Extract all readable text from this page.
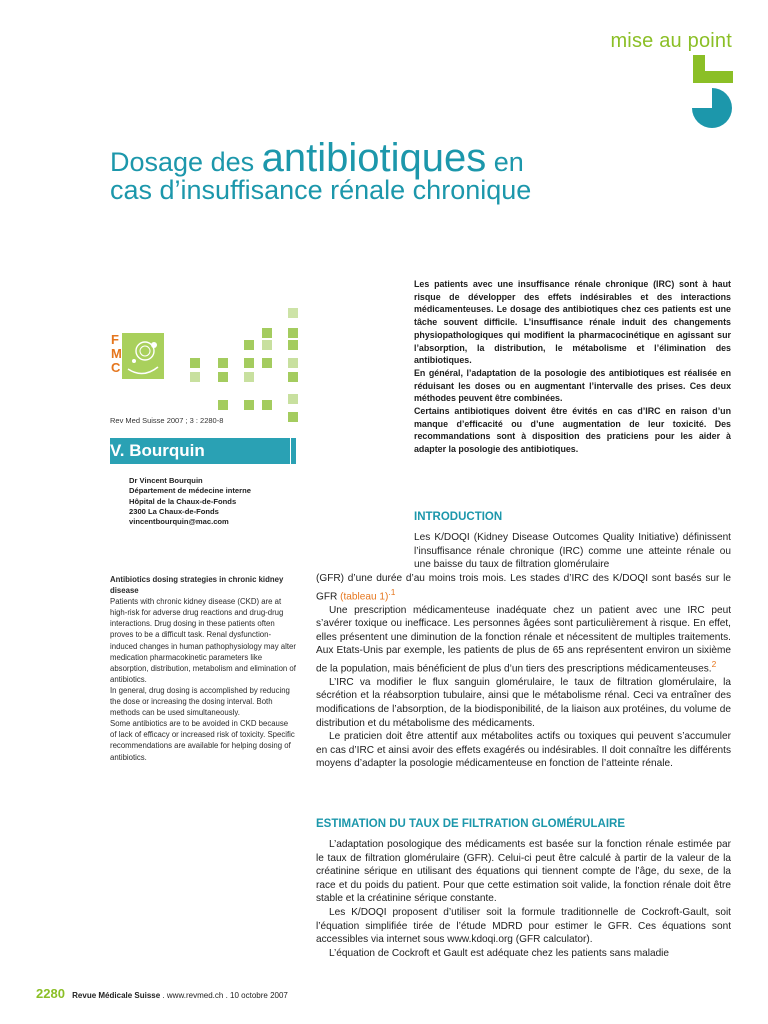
mise au point
Dosage des antibiotiques en
cas d’insuffisance rénale chronique
F
M
C
Rev Med Suisse 2007 ; 3 : 2280-8
V. Bourquin
Dr Vincent Bourquin
Département de médecine interne
Hôpital de la Chaux-de-Fonds
2300 La Chaux-de-Fonds
vincentbourquin@mac.com

Antibiotics dosing strategies in chronic kidney disease

Patients with chronic kidney disease (CKD) are at high-risk for adverse drug reactions and drug-drug interactions. Drug dosing in these patients often proves to be a difficult task. Renal dysfunction-induced changes in human pathophysiology may alter medication pharmacokinetic parameters like absorption, distribution, metabolism and elimination of antibiotics.

In general, drug dosing is accomplished by reducing the dose or increasing the dosing interval. Both methods can be used simultaneously.

Some antibiotics are to be avoided in CKD because of lack of efficacy or increased risk of toxicity. Specific recommendations are available for helping dosing of antibiotics.

Les patients avec une insuffisance rénale chronique (IRC) sont à haut risque de développer des effets indésirables et des interactions médicamenteuses. Le dosage des antibiotiques chez ces patients est une tâche souvent difficile. L’insuffisance rénale induit des changements physiopathologiques qui modifient la pharmacocinétique en agissant sur l’absorption, la distribution, le métabolisme et l’élimination des antibiotiques.

En général, l’adaptation de la posologie des antibiotiques est réalisée en réduisant les doses ou en augmentant l’intervalle des prises. Ces deux méthodes peuvent être combinées.

Certains antibiotiques doivent être évités en cas d’IRC en raison d’un manque d’efficacité ou d’une augmentation de leur toxicité. Des recommandations sont à disposition des praticiens pour les aider à adapter la posologie des antibiotiques.

INTRODUCTION
Les K/DOQI (Kidney Disease Outcomes Quality Initiative) définissent l’insuffisance rénale chronique (IRC) comme une atteinte rénale ou une baisse du taux de filtration glomérulaire

(GFR) d’une durée d’au moins trois mois. Les stades d’IRC des K/DOQI sont basés sur le GFR (tableau 1)$^{.1}$

Une prescription médicamenteuse inadéquate chez un patient avec une IRC peut s’avérer toxique ou inefficace. Les personnes âgées sont particulièrement à risque. En effet, elles présentent une diminution de la fonction rénale et nécessitent de multiples traitements. Aux Etats-Unis par exemple, les patients de plus de 65 ans représentent environ un sixième de la population, mais bénéficient de plus d’un tiers des prescriptions médicamenteuses.$^2$

L’IRC va modifier le flux sanguin glomérulaire, le taux de filtration glomérulaire, la sécrétion et la réabsorption tubulaire, ainsi que le métabolisme rénal. Ceci va entraîner des modifications de l’absorption, de la biodisponibilité, de la liaison aux protéines, du volume de distribution et du métabolisme des médicaments.

Le praticien doit être attentif aux métabolites actifs ou toxiques qui peuvent s’accumuler en cas d’IRC et ainsi avoir des effets exagérés ou indésirables. Il doit connaître les différents moyens d’adapter la posologie médicamenteuse en fonction de l’atteinte rénale.

ESTIMATION DU TAUX DE FILTRATION GLOMÉRULAIRE

L’adaptation posologique des médicaments est basée sur la fonction rénale estimée par le taux de filtration glomérulaire (GFR). Celui-ci peut être calculé à partir de la valeur de la créatinine sérique en utilisant des équations qui tiennent compte de l’âge, du sexe, de la race et du poids du patient. Pour que cette estimation soit valide, la fonction rénale doit être stable et la créatinine sérique constante.

Les K/DOQI proposent d’utiliser soit la formule traditionnelle de Cockroft-Gault, soit l’équation simplifiée tirée de l’étude MDRD pour estimer le GFR. Ces équations sont accessibles via internet sous www.kdoqi.org (GFR calculator).

L’équation de Cockroft et Gault est adéquate chez les patients sans maladie

2280 Revue Médicale Suisse . www.revmed.ch . 10 octobre 2007
